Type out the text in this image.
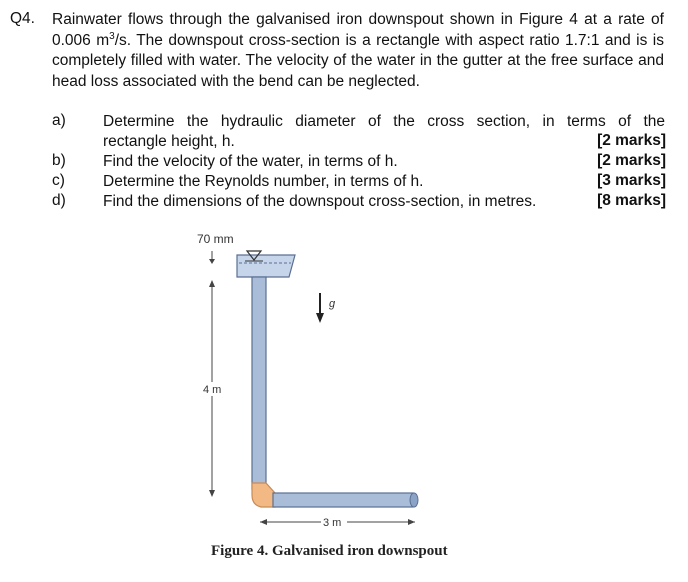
Q4. Rainwater flows through the galvanised iron downspout shown in Figure 4 at a rate of 0.006 $m^3/s$. The downspout cross-section is a rectangle with aspect ratio 1.7:1 and is is completely filled with water. The velocity of the water in the gutter at the free surface and head loss associated with the bend can be neglected.
a) Determine the hydraulic diameter of the cross section, in terms of the
rectangle height, h.	[2 marks]
b) Find the velocity of the water, in terms of h.	[2 marks]
c) Determine the Reynolds number, in terms of h.	[3 marks]
d) Find the dimensions of the downspout cross-section, in metres.	[8 marks]
70 mm
g
4 m
3 m
Figure 4. Galvanised iron downspout
